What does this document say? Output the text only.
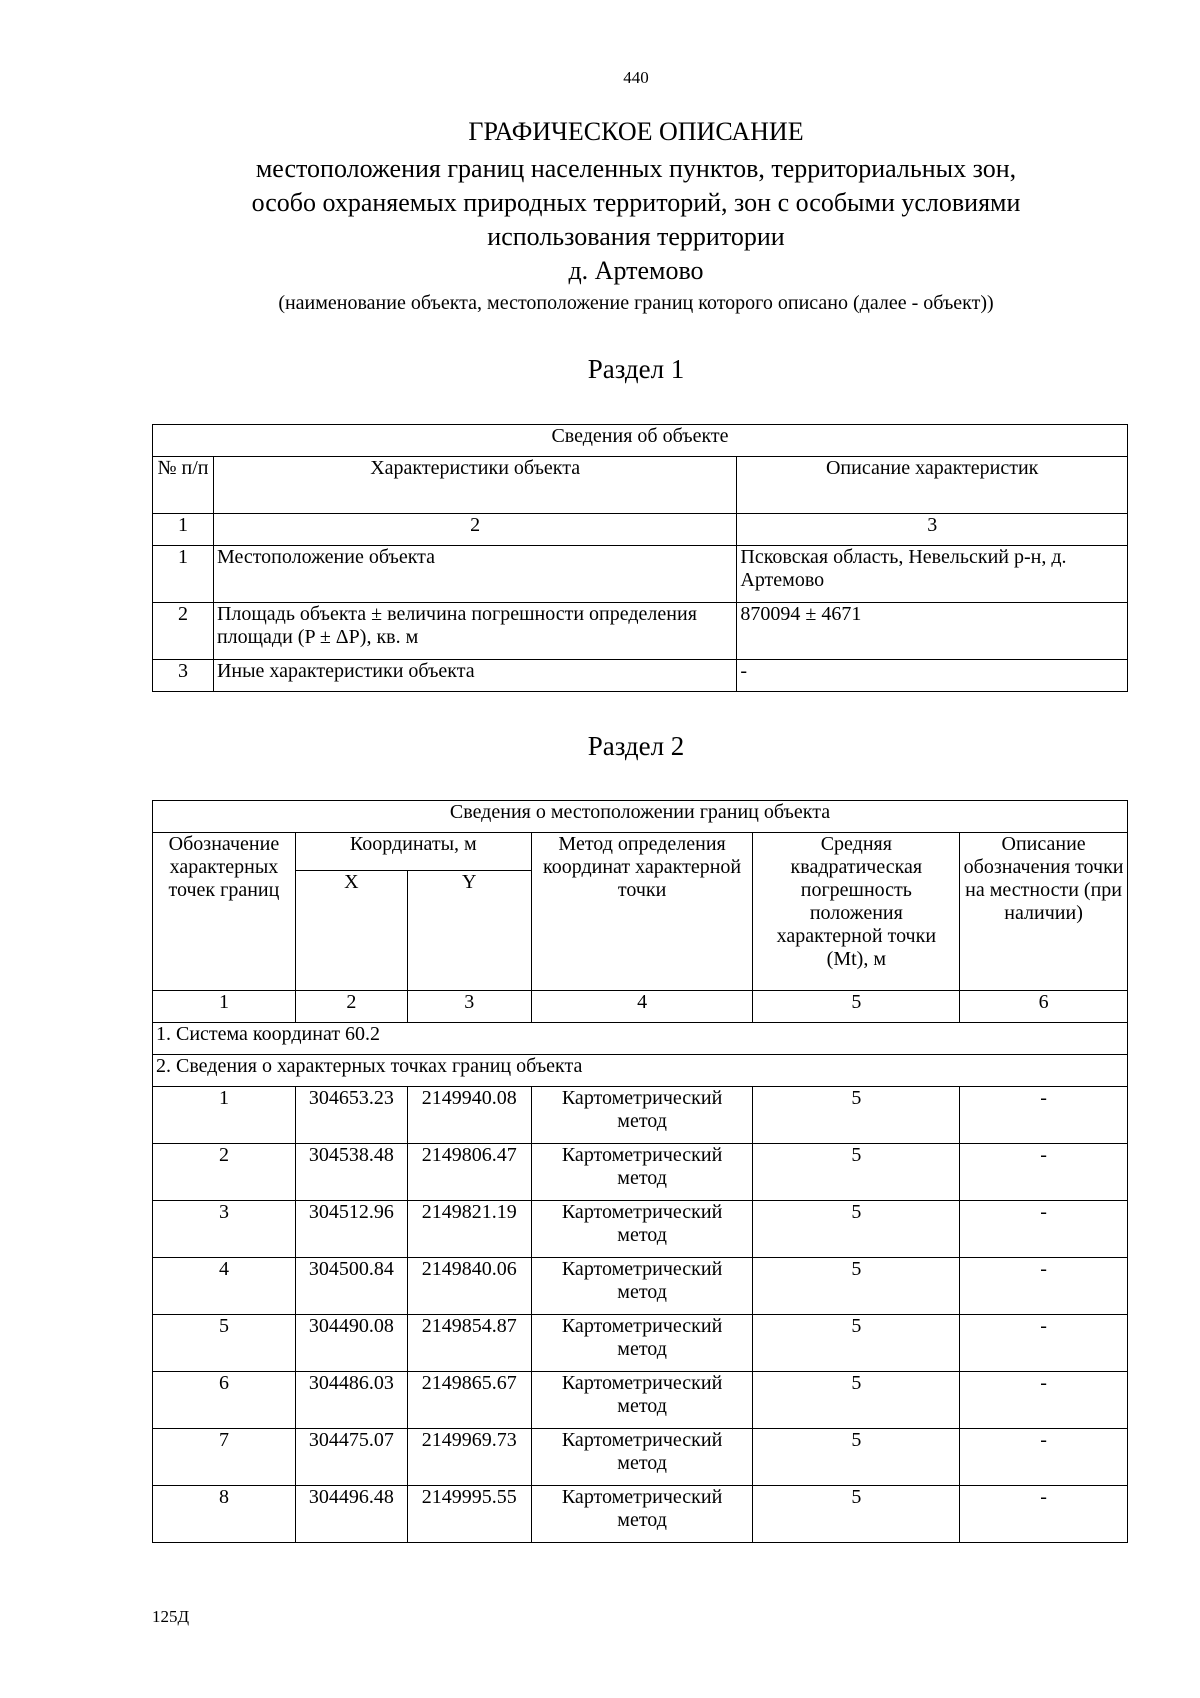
440
ГРАФИЧЕСКОЕ ОПИСАНИЕ
местоположения границ населенных пунктов, территориальных зон,
особо охраняемых природных территорий, зон с особыми условиями
использования территории
д. Артемово
(наименование объекта, местоположение границ которого описано (далее - объект))
Раздел 1
Сведения об объекте		
№ п/п	Характеристики объекта	Описание характеристик
1	2	3
1	Местоположение объекта	Псковская область, Невельский р-н, д. Артемово
2	Площадь объекта ± величина погрешности определения площади (P ± ΔP), кв. м	870094 ± 4671
3	Иные характеристики объекта	-
Раздел 2
Сведения о местоположении границ объекта					
Обозначение характерных точек границ	Координаты, м		Метод определения координат характерной точки	Средняя квадратическая погрешность положения характерной точки (Mt), м	Описание обозначения точки на местности (при наличии)
	X	Y			
1	2	3	4	5	6
1. Система координат 60.2					
2. Сведения о характерных точках границ объекта					
1	304653.23	2149940.08	Картометрический метод	5	-
2	304538.48	2149806.47	Картометрический метод	5	-
3	304512.96	2149821.19	Картометрический метод	5	-
4	304500.84	2149840.06	Картометрический метод	5	-
5	304490.08	2149854.87	Картометрический метод	5	-
6	304486.03	2149865.67	Картометрический метод	5	-
7	304475.07	2149969.73	Картометрический метод	5	-
8	304496.48	2149995.55	Картометрический метод	5	-
125Д
